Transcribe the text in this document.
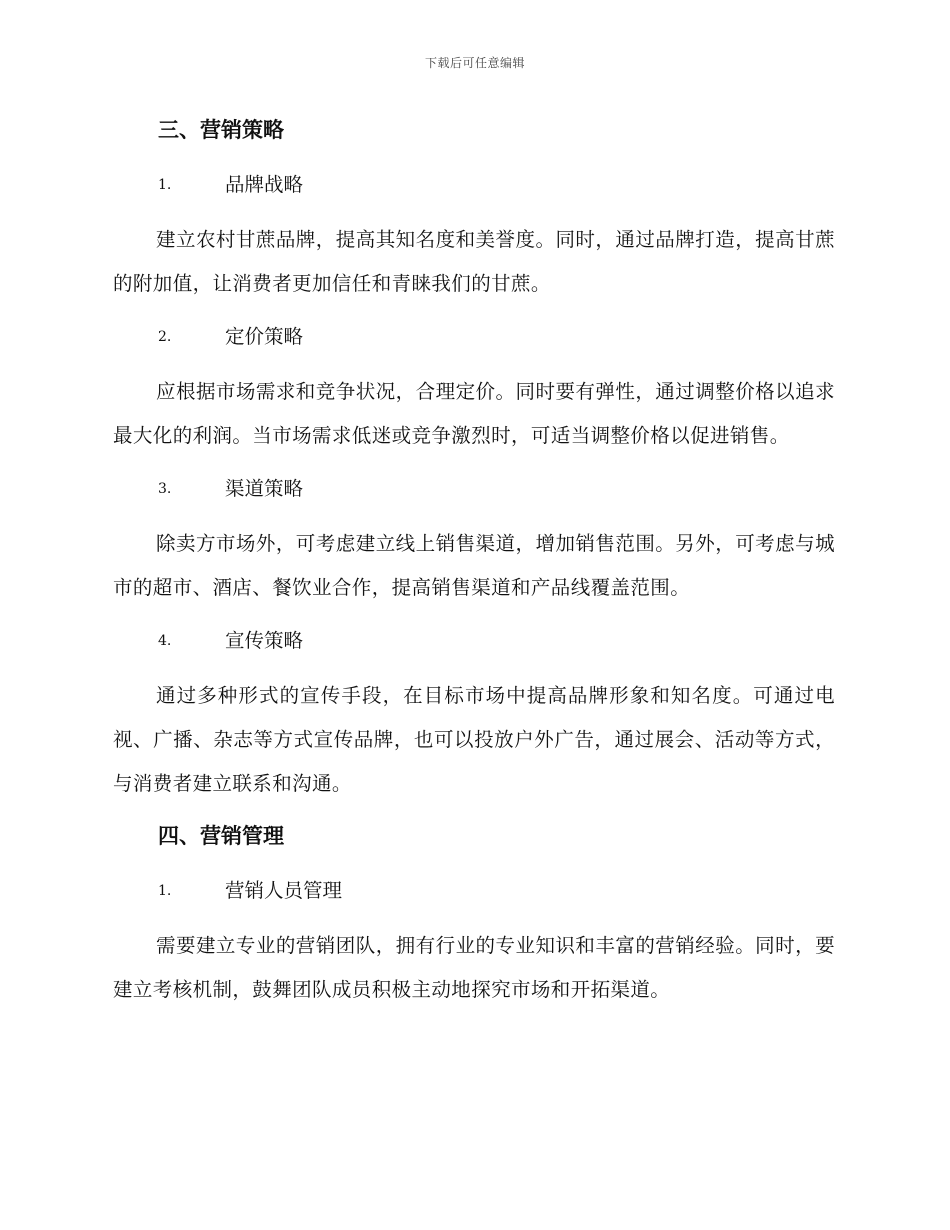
下载后可任意编辑
三、营销策略
1.	品牌战略

建立农村甘蔗品牌，提高其知名度和美誉度。同时，通过品牌打造，提高甘蔗的附加值，让消费者更加信任和青睐我们的甘蔗。

2.	定价策略

应根据市场需求和竞争状况，合理定价。同时要有弹性，通过调整价格以追求最大化的利润。当市场需求低迷或竞争激烈时，可适当调整价格以促进销售。

3.	渠道策略

除卖方市场外，可考虑建立线上销售渠道，增加销售范围。另外，可考虑与城市的超市、酒店、餐饮业合作，提高销售渠道和产品线覆盖范围。

4.	宣传策略

通过多种形式的宣传手段，在目标市场中提高品牌形象和知名度。可通过电视、广播、杂志等方式宣传品牌，也可以投放户外广告，通过展会、活动等方式，与消费者建立联系和沟通。

四、营销管理
1.	营销人员管理

需要建立专业的营销团队，拥有行业的专业知识和丰富的营销经验。同时，要建立考核机制，鼓舞团队成员积极主动地探究市场和开拓渠道。
